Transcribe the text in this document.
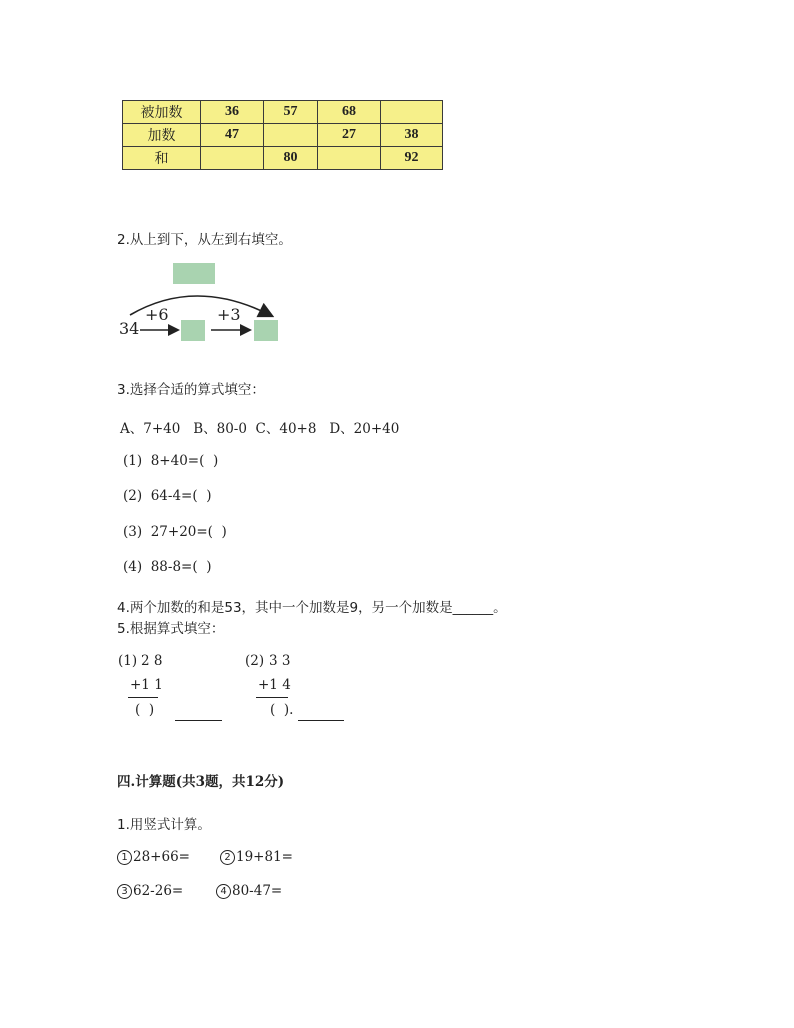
被加数	36	57	68	
加数	47		27	38
和		80		92
2.从上到下，从左到右填空。
34
+6	+3
3.选择合适的算式填空：
A、7+40   B、80-0  C、40+8   D、20+40
(1)  8+40=(  )
(2)  64-4=(  )
(3)  27+20=(  )
(4)  88-8=(  )
4.两个加数的和是53，其中一个加数是9，另一个加数是______。
5.根据算式填空：
(1) 2 8
+1 1
(  )
(2) 3 3
+1 4
(  ).
四.计算题(共3题，共12分)
1.用竖式计算。
1 28+66=	2 19+81=
3 62-26=	4 80-47=
